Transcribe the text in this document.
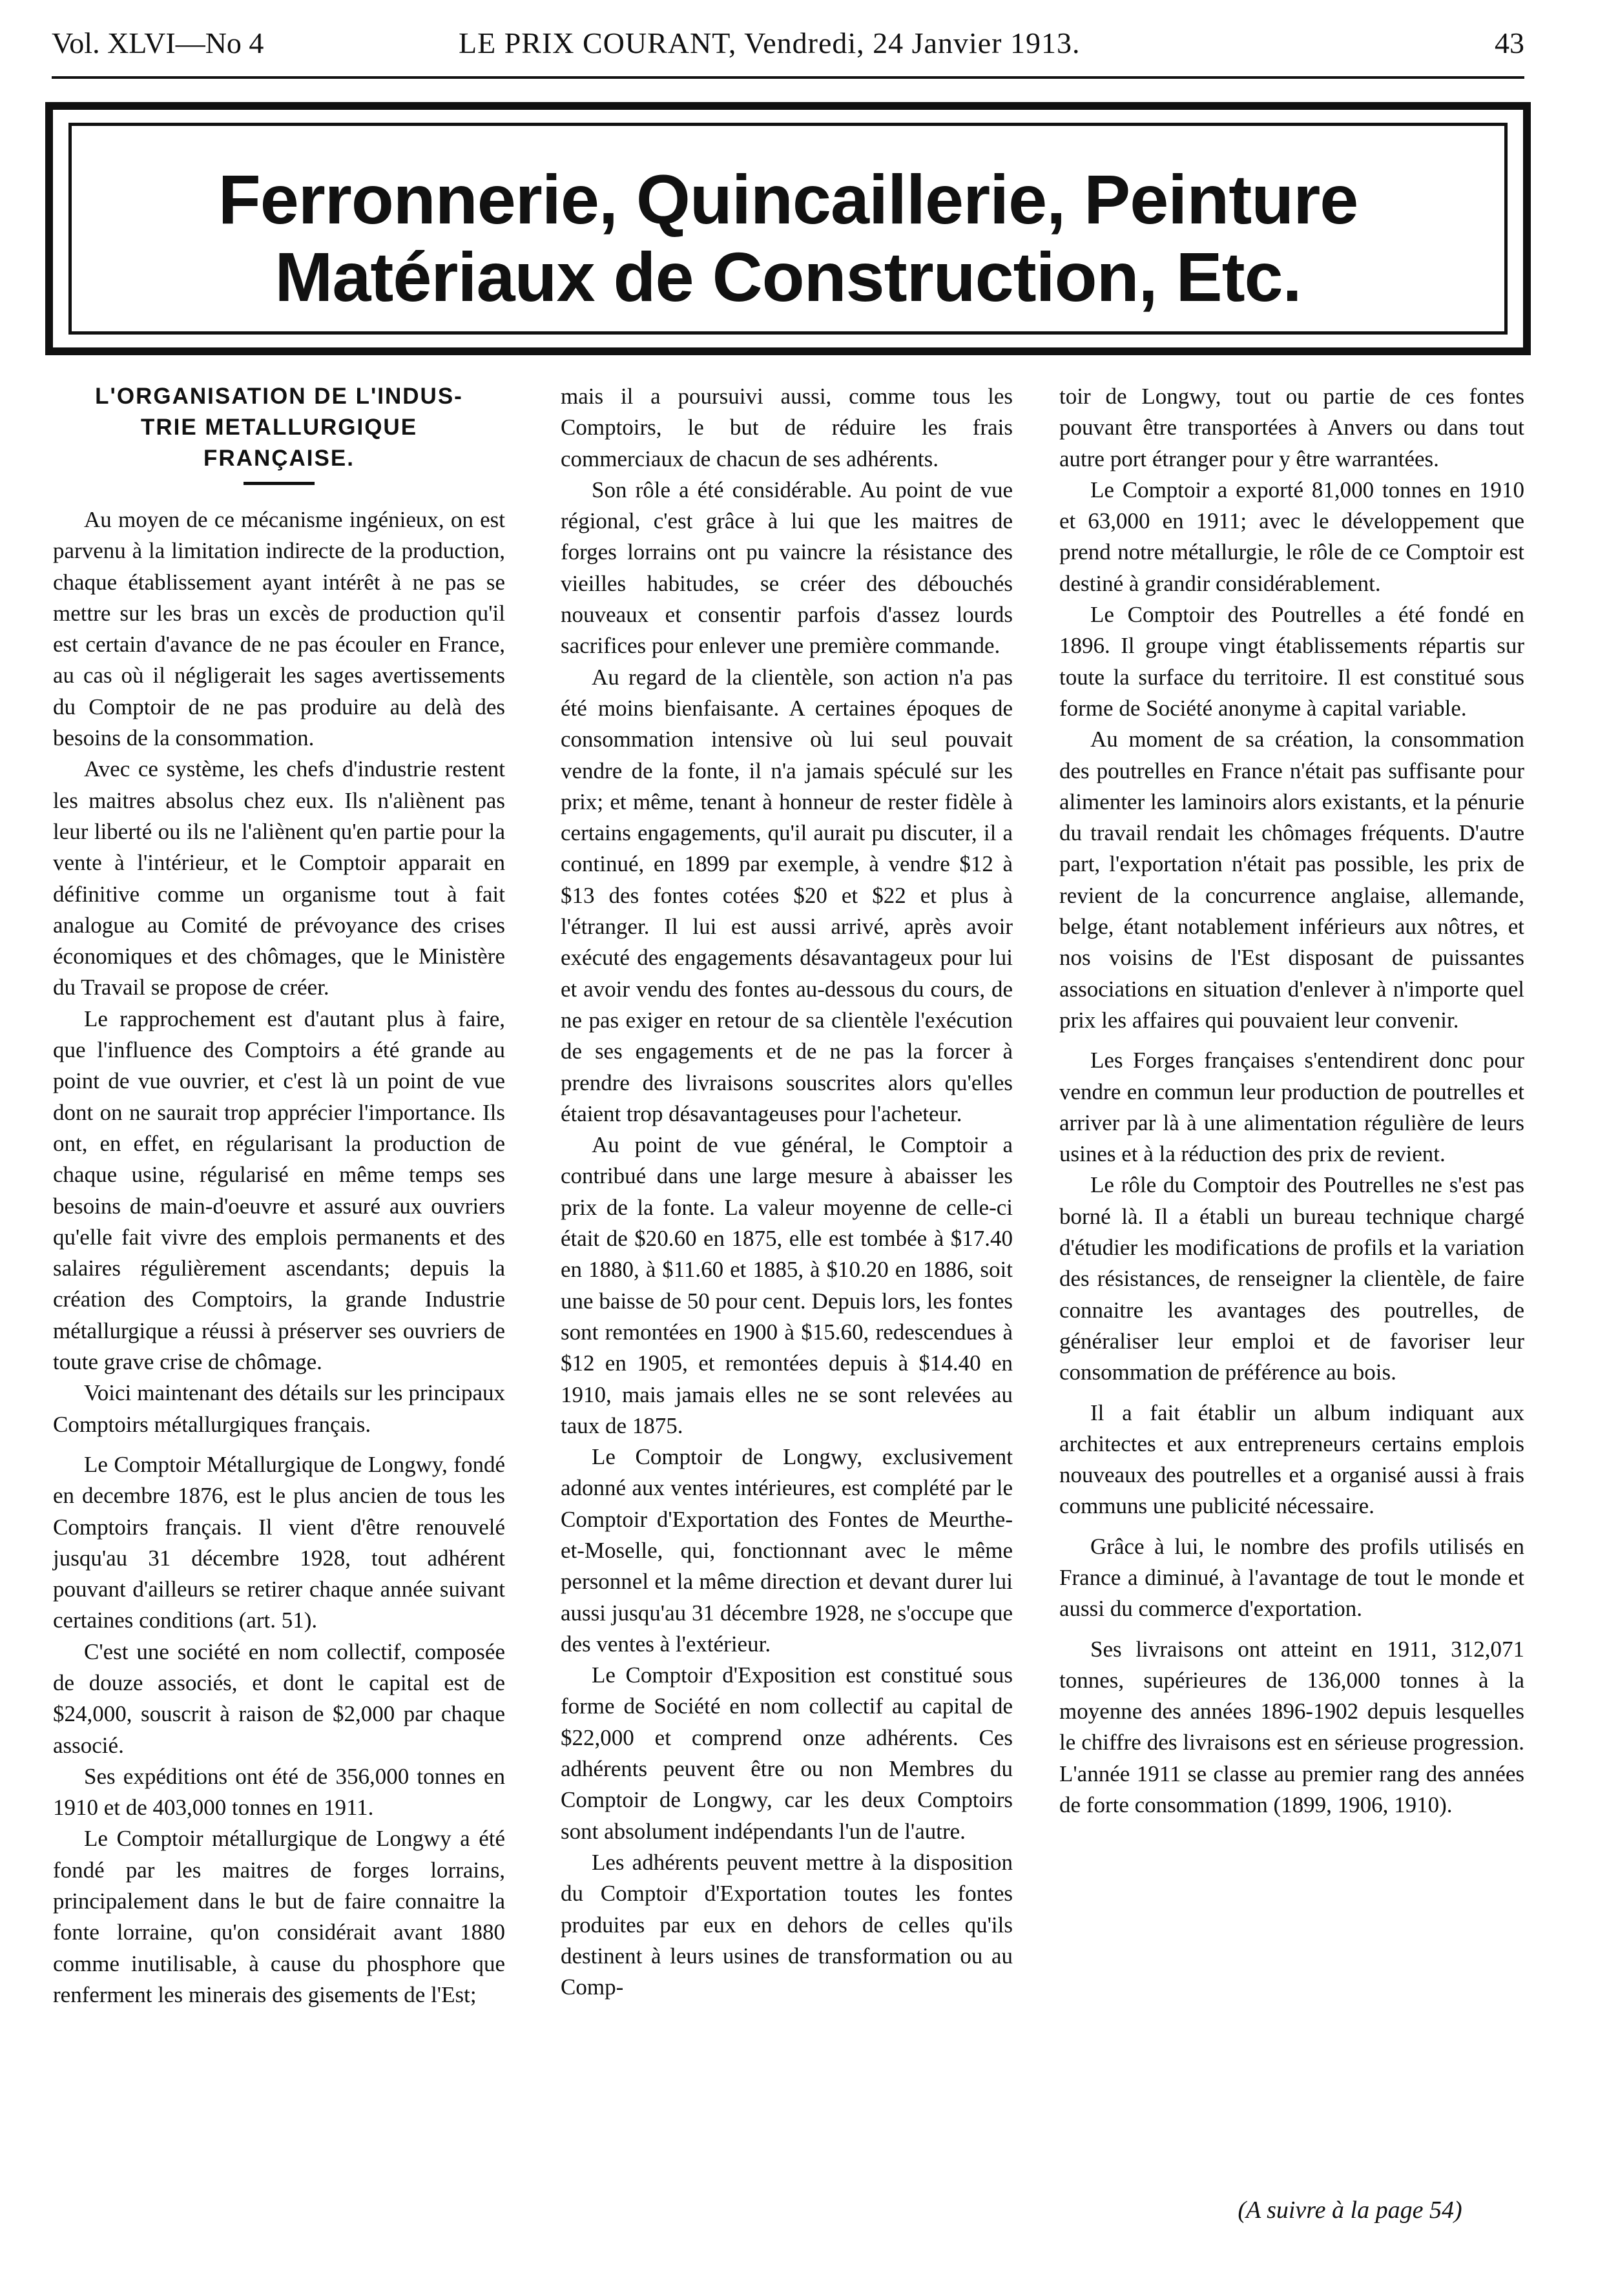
Vol. XLVI—No 4	LE PRIX COURANT, Vendredi, 24 Janvier 1913.	43
Ferronnerie, Quincaillerie, Peinture
Matériaux de Construction, Etc.
L'ORGANISATION DE L'INDUS-
TRIE METALLURGIQUE
FRANÇAISE.

Au moyen de ce mécanisme ingénieux, on est parvenu à la limitation indirecte de la production, chaque établissement ayant intérêt à ne pas se mettre sur les bras un excès de production qu'il est certain d'avance de ne pas écouler en France, au cas où il négligerait les sages avertissements du Comptoir de ne pas produire au delà des besoins de la consommation.

Avec ce système, les chefs d'industrie restent les maitres absolus chez eux. Ils n'aliènent pas leur liberté ou ils ne l'aliènent qu'en partie pour la vente à l'intérieur, et le Comptoir apparait en définitive comme un organisme tout à fait analogue au Comité de prévoyance des crises économiques et des chômages, que le Ministère du Travail se propose de créer.

Le rapprochement est d'autant plus à faire, que l'influence des Comptoirs a été grande au point de vue ouvrier, et c'est là un point de vue dont on ne saurait trop apprécier l'importance. Ils ont, en effet, en régularisant la production de chaque usine, régularisé en même temps ses besoins de main-d'oeuvre et assuré aux ouvriers qu'elle fait vivre des emplois permanents et des salaires régulièrement ascendants; depuis la création des Comptoirs, la grande Industrie métallurgique a réussi à préserver ses ouvriers de toute grave crise de chômage.

Voici maintenant des détails sur les principaux Comptoirs métallurgiques français.

Le Comptoir Métallurgique de Longwy, fondé en decembre 1876, est le plus ancien de tous les Comptoirs français. Il vient d'être renouvelé jusqu'au 31 décembre 1928, tout adhérent pouvant d'ailleurs se retirer chaque année suivant certaines conditions (art. 51).

C'est une société en nom collectif, composée de douze associés, et dont le capital est de $24,000, souscrit à raison de $2,000 par chaque associé.

Ses expéditions ont été de 356,000 tonnes en 1910 et de 403,000 tonnes en 1911.

Le Comptoir métallurgique de Longwy a été fondé par les maitres de forges lorrains, principalement dans le but de faire connaitre la fonte lorraine, qu'on considérait avant 1880 comme inutilisable, à cause du phosphore que renferment les minerais des gisements de l'Est;

mais il a poursuivi aussi, comme tous les Comptoirs, le but de réduire les frais commerciaux de chacun de ses adhérents.

Son rôle a été considérable. Au point de vue régional, c'est grâce à lui que les maitres de forges lorrains ont pu vaincre la résistance des vieilles habitudes, se créer des débouchés nouveaux et consentir parfois d'assez lourds sacrifices pour enlever une première commande.

Au regard de la clientèle, son action n'a pas été moins bienfaisante. A certaines époques de consommation intensive où lui seul pouvait vendre de la fonte, il n'a jamais spéculé sur les prix; et même, tenant à honneur de rester fidèle à certains engagements, qu'il aurait pu discuter, il a continué, en 1899 par exemple, à vendre $12 à $13 des fontes cotées $20 et $22 et plus à l'étranger. Il lui est aussi arrivé, après avoir exécuté des engagements désavantageux pour lui et avoir vendu des fontes au-dessous du cours, de ne pas exiger en retour de sa clientèle l'exécution de ses engagements et de ne pas la forcer à prendre des livraisons souscrites alors qu'elles étaient trop désavantageuses pour l'acheteur.

Au point de vue général, le Comptoir a contribué dans une large mesure à abaisser les prix de la fonte. La valeur moyenne de celle-ci était de $20.60 en 1875, elle est tombée à $17.40 en 1880, à $11.60 et 1885, à $10.20 en 1886, soit une baisse de 50 pour cent. Depuis lors, les fontes sont remontées en 1900 à $15.60, redescendues à $12 en 1905, et remontées depuis à $14.40 en 1910, mais jamais elles ne se sont relevées au taux de 1875.

Le Comptoir de Longwy, exclusivement adonné aux ventes intérieures, est complété par le Comptoir d'Exportation des Fontes de Meurthe-et-Moselle, qui, fonctionnant avec le même personnel et la même direction et devant durer lui aussi jusqu'au 31 décembre 1928, ne s'occupe que des ventes à l'extérieur.

Le Comptoir d'Exposition est constitué sous forme de Société en nom collectif au capital de $22,000 et comprend onze adhérents. Ces adhérents peuvent être ou non Membres du Comptoir de Longwy, car les deux Comptoirs sont absolument indépendants l'un de l'autre.

Les adhérents peuvent mettre à la disposition du Comptoir d'Exportation toutes les fontes produites par eux en dehors de celles qu'ils destinent à leurs usines de transformation ou au Comp-

toir de Longwy, tout ou partie de ces fontes pouvant être transportées à Anvers ou dans tout autre port étranger pour y être warrantées.

Le Comptoir a exporté 81,000 tonnes en 1910 et 63,000 en 1911; avec le développement que prend notre métallurgie, le rôle de ce Comptoir est destiné à grandir considérablement.

Le Comptoir des Poutrelles a été fondé en 1896. Il groupe vingt établissements répartis sur toute la surface du territoire. Il est constitué sous forme de Société anonyme à capital variable.

Au moment de sa création, la consommation des poutrelles en France n'était pas suffisante pour alimenter les laminoirs alors existants, et la pénurie du travail rendait les chômages fréquents. D'autre part, l'exportation n'était pas possible, les prix de revient de la concurrence anglaise, allemande, belge, étant notablement inférieurs aux nôtres, et nos voisins de l'Est disposant de puissantes associations en situation d'enlever à n'importe quel prix les affaires qui pouvaient leur convenir.

Les Forges françaises s'entendirent donc pour vendre en commun leur production de poutrelles et arriver par là à une alimentation régulière de leurs usines et à la réduction des prix de revient.

Le rôle du Comptoir des Poutrelles ne s'est pas borné là. Il a établi un bureau technique chargé d'étudier les modifications de profils et la variation des résistances, de renseigner la clientèle, de faire connaitre les avantages des poutrelles, de généraliser leur emploi et de favoriser leur consommation de préférence au bois.

Il a fait établir un album indiquant aux architectes et aux entrepreneurs certains emplois nouveaux des poutrelles et a organisé aussi à frais communs une publicité nécessaire.

Grâce à lui, le nombre des profils utilisés en France a diminué, à l'avantage de tout le monde et aussi du commerce d'exportation.

Ses livraisons ont atteint en 1911, 312,071 tonnes, supérieures de 136,000 tonnes à la moyenne des années 1896-1902 depuis lesquelles le chiffre des livraisons est en sérieuse progression. L'année 1911 se classe au premier rang des années de forte consommation (1899, 1906, 1910).

(A suivre à la page 54)
